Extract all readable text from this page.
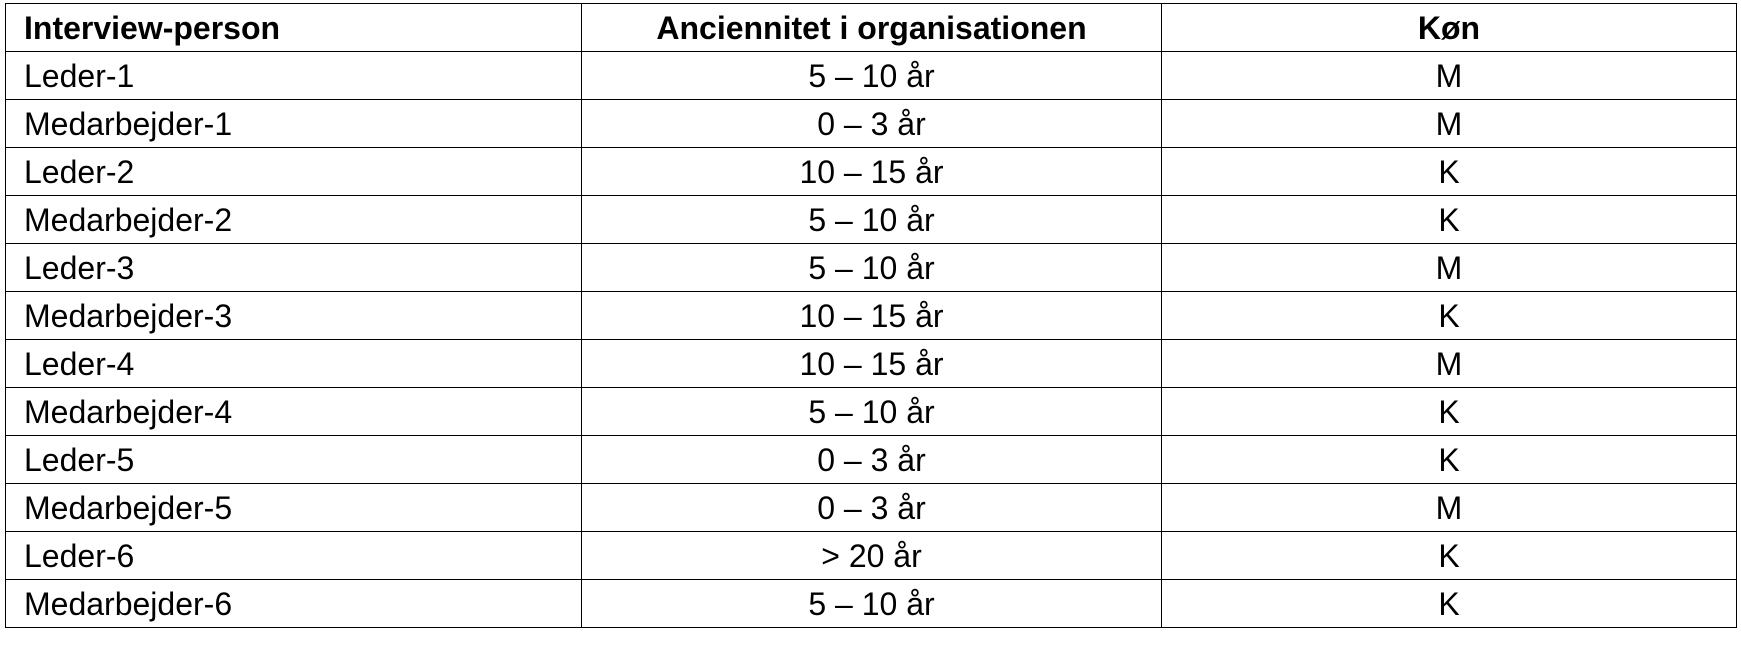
Interview-person	Anciennitet i organisationen	Køn
Leder-1	5 – 10 år	M
Medarbejder-1	0 – 3 år	M
Leder-2	10 – 15 år	K
Medarbejder-2	5 – 10 år	K
Leder-3	5 – 10 år	M
Medarbejder-3	10 – 15 år	K
Leder-4	10 – 15 år	M
Medarbejder-4	5 – 10 år	K
Leder-5	0 – 3 år	K
Medarbejder-5	0 – 3 år	M
Leder-6	> 20 år	K
Medarbejder-6	5 – 10 år	K
